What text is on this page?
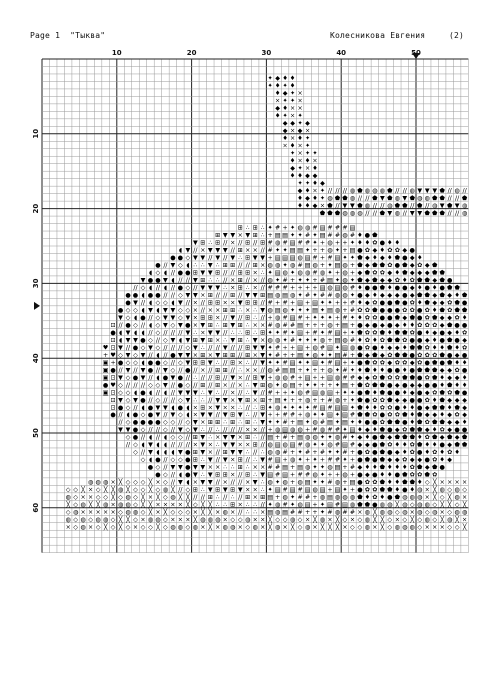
Page 1 "Тыква"	Колесникова Евгения	(2)
10	20	30	40
10
20
30
40
50
60
✦ ◆ ♦ ♦
✦ ♦ ✦ ♦
♦ ◆ ✦ ×
× ✦ ✦ ×
◆ ♦ × ×
♦ ✦ × ✦
◆ ◆ ✦ ◆
◆ × ◆ ×
♦ × ♦ ✦
× ♦ × ✦
✦ × ✦ ✦
♦ × ♦ ×
◆ ✦ × ♦
♦ ♦ ◆ ◆
✦ ✦ ♦ ◆
◆ ♦ × ✦ // // // ◍ ⬟ ◍ ◍ ◍ ⬟ // // ◍ ▼ ▼ ▼ ⬟ // ◍ //
♦ ◆ ♦ ✦ ◍ ⬟ ⬟ ◍ // // ⬟ ▼ ⬟ ◍ ▼ ⬟ ◍ ◍ ⬟ ⬟ // // ⬟
♦ ♦ ◆ × ⬟ // ▼ ▼ ⬟ ◍ // // ◍ ⬟ ⬟ // ⬟ // ◍ ▼ ⬟ ▼ ◍
⬟ ⬟ ⬟ ◍ ◍ ◍ // // ⬟ ▼ ◍ // ▼ ▼ ⬟ ⬟ ⬟ // // ◍
⊞ ∴ ⊞ ∴ ✦ # + ✦ ◍ ◍ # ▤ # # # ▤
⊞ ▼ ▼ × ▼ ⊞ ∴ + ▤ ▤ ✦ ✦ # ✦ ▤ # # ◍ # ♦ ● ⬟
▼ ⊞ ∴ ⊞ // × // ⊞ // ⊞ # ◍ # ▤ # # ✦ + ◍ + + ✦ ♦ ♦ ✿ ● ♦ ♦
◖ ▼ // × ▼ ▼ ▼ // ⊞ × × // # ✦ ✦ ▤ ▤ ✦ + + ◍ ✦ + ▤ ● ✿ ◆ ♦ ✿ ✿ ◆ ●
● ● ◇ ▼ ▼ // ▼ // ▼ ∴ ⊞ ▼ ▼ + ▤ ▤ ▤ ◍ ▤ # + # ▤ ✦ ✦ ⬟ ◆ ♦ ◆ ♦ ⬟ ● ◆ ♦
● // ▼ ◇ ◖ ∴ ∴ ▼ ∴ ⊞ ⊞ // // ⊞ × ◍ ◍ ✦ ◍ # ▤ ◍ + ✦ ▤ ◍ + ⬟ ◆ ⬟ ⬟ ✿ ● ⬟ ◆ ✿ ◆ ⬟
◖ ◇ ◖ // ● ● ⊞ ▼ ▼ ⊞ // // ⊞ ⊞ × ∴ ✦ ▤ ◍ ✦ ◍ ◍ # ◍ ✦ + ◍ + ◆ ⬟ ✿ ✿ ◆ ♦ ⬟ ◆ ◆ ◆ ⬟ ⬟
▼ ● ● ▼ ◖ // // ▼ ⊞ ∴ ∴ // × ⊞ // × // ◍ ✦ # + ✦ ✦ + # ▤ ✦ ◍ ✦ ⬟ ◆ ⬟ ◆ ◆ ✿ ♦ ✿ ⬟ ⬟ ◆ ⬟ ●
// ◇ ◖ // ◖ // ● ◇ // ▼ ▼ ▼ ∴ × ⊞ ∴ × // # # # + + + + ▤ ◍ ▤ ◍ # ♦ ● ● ⬟ ♦ ● ● ◆ ♦ ● ♦ ● ⬟ ⬟
● ● ◖ ● ● // // ◇ ▼ ▼ × ⊞ // // ⊞ // ▼ ▼ ⊞ ▤ ◍ ▤ ◍ ✦ # ✦ # # ◍ ◍ ✦ ● ◆ ♦ ◆ ◆ ◆ ● ◆ ⬟ ⬟ ◆ ⬟ ◆ ♦ ⬟
● ▼ // ◖ ◇ ◇ ◖ ▼ // × // ⊞ ⊞ × × ▼ ⊞ ⊞ // # + # + ▤ + ▤ ✦ ✦ + + # ♦ ◆ ✿ ● ● ⬟ ● ✿ ♦ ⬟ ◆ ◆ ✿ ⬟ ●
● ◇ ◇ ◖ ▼ ◖ ▼ ▼ ◇ ◇ × // × × ⊞ ⊞ ∴ × ∴ ▼ ◍ ▤ ◍ ✦ ✦ ✦ ▤ ✦ ▤ ◍ + # ✿ ✿ ⬟ ● ● ● ✿ ✿ ● ✿ ♦ ⬟ ✿ ⬟ ⬟
▼ ◇ ◖ ● // ◇ ▼ ▼ ◇ ▼ × ⊞ ⊞ × // ▼ // ⊞ ∴ // + ◍ # ▤ # + ✦ ✦ ✦ + # ✦ ♦ ✿ ✿ ● ● ⬟ ◆ ⬟ ● ✿ ⬟ ◆ ◆ ✿ ♦
⊡ // ● ◇ // ◖ ◇ ▼ ◇ ▼ ● × ▼ ⊞ ∴ ⊞ ▼ ⊞ ∴ × × # ◍ # # ▤ + + + ◍ + ▤ + ● ◆ ● ◆ ● ◆ ♦ ♦ ✿ ✿ ✿ ◆ ⬟ ● ●
● ◖ ▼ ◖ ◖ // ◇ // // // ▼ ∴ × ▼ ▼ // ∴ ∴ ⊞ ∴ ⊞ ✦ ✦ # ✦ ▤ + # ✦ # ▤ + ✦ ⬟ ✿ ✿ ⬟ ♦ ⬟ ⬟ ✿ ● ♦ ◆ ● ◆ ♦ ✿
⊡ ◖ ▼ ▼ ● ◇ // ◇ ▼ ◖ ▼ ⊞ ▼ ⊞ × ∴ ▼ ⊞ ∴ ▼ × ◍ ◍ ✦ # ✦ ✦ ✦ ◍ + ▤ ◍ # ♦ ✿ ♦ ✿ ⬟ ⬟ ✿ ● ● ◆ ♦ ● ⬟ ● ◆
♥ ⊡ ▼ // ● ◇ ▼ ◇ // // // ◇ ▼ ∴ // // ▼ // // ⊞ ▼ ▼ ✦ # + + ▤ + ◍ # ▤ ✦ ▤ ◍ ● ✿ ● ♦ ◆ ◆ ♦ ⬟ ⬟ ✿ ♦ ♦ ⬟ ♦ ✿
+ ♥ ◇ ▼ ◇ ▼ // ◖ // ● ▼ ▼ × ⊞ × ▼ ⊞ ⊞ // ⊞ × ▼ ✦ # + + ▤ ✦ ◍ ✦ ✦ ▤ # + ⬟ ◆ ⬟ ◆ ✿ ⬟ ⬟ ● ✿ ✿ ✿ ⬟ ● ◆ ●
▣ + ● ◇ ◇ ◖ ● ● ◇ // ◇ ▼ ⊞ ⊞ ▼ ∴ // ⊞ × ∴ // ▼ ✦ ✦ # ▤ ✦ ✦ ▤ ✦ # ▤ + ✦ ● ⬟ ✿ ✿ ◆ ✿ ✿ ◆ ✿ ● ⬟ ● ⬟ ♦ ♦
▣ ● // ▼ // ▼ ● // ▼ ◇ // ● // × // ⊞ ⊞ // ∴ × × // ◍ # ▤ ▤ + ✦ + + ◍ ✦ # ✦ ♦ ⬟ ♦ ♦ ● ● ♦ ● ⬟ ⬟ ⬟ ◆ ◆ ✿ ●
▣ ⊡ ▼ ◇ ● ▼ // ◖ ● ▼ ● // ∴ // // ⊞ // ▼ × // ⊞ ▼ + ◍ ◍ # + ▤ + + ▤ ◍ # # ◆ ◆ ✿ ⬟ ✿ ✿ ⬟ ⬟ ● ✿ ⬟ ♦ ◆ ◆ ♦
● ♥ ◇ // // // ◇ ◇ ▼ // ● ◇ // ⊞ // ⊞ × // × ∴ ▼ ⊞ ◍ ✦ ◍ ▤ + ✦ ✦ + + ✦ ▤ + ⬟ ✿ ⬟ ⬟ ● ◆ ● ◆ ◆ ● ● ♦ ⬟ ♦ ♦
▣ ⊡ ◇ ◇ ◖ ● ◖ // ◖ // ▼ ▼ ▼ ∴ ▼ ∴ // × // ∴ ▼ // # + + ✦ ◍ # ▤ ◍ ▤ + ✦ ✦ ● ⬟ ♦ ⬟ ● ● ♦ ◆ ● ◆ ✿ ⬟ ✿ ⬟ ●
⊡ ▼ ◇ ▼ ● // ◇ // // ◇ ▼ ∴ ∴ // ▼ ▼ × ▼ ⊞ × ⊞ + ▤ ✦ + + ◍ + + # ◍ + ✦ ⬟ ● ✿ ✿ ⬟ ◆ ◆ ● ● ✿ ♦ ⬟ ◆ ◆ ◆
⊡ ● ◇ // ◖ ● ▼ ▼ ◖ ● ◖ × ⊞ × ▼ × × ∴ // ∴ ⊞ ✦ ◍ ✦ ✦ ✦ ✦ # ▤ # ▤ ▤ ✦ ⬟ ♦ ♦ ✿ ✿ ● ♦ ♦ ● ◆ ⬟ ⬟ ♦ ⬟ ◆
● // ◖ ● ◇ ● ▼ // ▼ ◇ ◖ × ▼ ▼ // ▼ ⊞ ▼ ∴ // ▼ + + # # + ◍ ✦ ✦ ▤ ✦ ▤ # ⬟ ⬟ ✿ ● ✿ ✿ ⬟ ♦ ⬟ ◆ ◆ ♦ ◆ ✿ ◆
// ◇ ● ● ● ● ◇ ◇ // ◇ ▼ × ⊞ ⊞ ∴ ⊞ ∴ ⊞ ∴ ▼ ✦ ✦ # + ▤ ✦ ◍ # ▤ ✦ ▤ ✦ ♦ ● ● ✿ ⬟ ⬟ ● ♦ ⬟ ✿ ⬟ ⬟ ◆ ◆ ♦
▼ ▼ ● ◇ // // ◇ // ▼ ◇ ▼ ∴ // ∴ // // // × × // + ◍ ▤ ◍ ◍ + # ◍ # # ✦ ▤ ♦ ◆ ♦ ⬟ ● ◆ ✿ ⬟ ⬟ ◆ ♦ ✿ ◆ ● ●
◇ ● // ◖ // ◖ ◇ ◇ // ⊞ ▼ ∴ × ▼ ▼ × ⊞ ∴ // ▤ + # + ▤ ◍ ◍ ✦ ✦ ◍ # ✦ ◆ ♦ ● ⬟ ◆ ⬟ ⬟ ⬟ ♦ ✿ ⬟ ◆ ⬟ ◆ ⬟
// ◇ ◖ ▼ ◖ ◖ // // // × ▼ × ∴ ▼ ▼ × × ⊞ // ◍ ▤ ◍ ▤ # ◍ ✦ ✦ ◍ # ▤ # ◆ ◆ ● ⬟ ✿ ♦ ♦ ✿ ⬟ ♦ ♦ ● ◆ ⬟ ⬟
◇ // ▼ ◖ ◖ ◖ ▼ ● ⊞ ▼ × // ⊞ ▼ ▼ ∴ // ∴ ◍ ◍ # + ✦ # + # ✦ ✦ # + ● ✿ ● ⬟ ● ◆ ♦ ✿ ● ♦ ✿ ♦ ✿ ♦
◇ ◖ ● // ◇ ◇ ● ⊞ ∴ ▼ // ▼ × ⊞ // ∴ ▼ # ▤ + ◍ ✦ + ✦ + # # ✦ + ● ⬟ ● ⬟ ◆ ◆ ✿ ◆ ◆ ● ✿ ♦ ◆
● ◇ // ▼ ▼ ● ▼ ▼ × × ∴ ∴ ⊞ ∴ × × # # ▤ + ▤ ◍ ✦ ✦ ◍ ▤ + # ◆ ♦ ♦ ⬟ ♦ ♦ ♦ ✿ ⬟ ◆ ⬟ ●
● ◇ // ◖ ● ▼ ∴ ▼ ⊞ ⊞ × // ⊞ ∴ ▼ ▤ # ▤ + # # ◍ ✦ + + ◍ + ● ◆ ● ♦ ♦ ● ⬟ ✿ ✿ ⬟ ✿
◍ ◍ ◍ × ╳ ◇ ◇ ◇ ╳ × ◇ // ▼ ◖ × ▼ ▼ // × // // × ▼ ∴ ◍ ✦ ◍ + ◍ ▤ ✦ ✦ # ◍ + ▤ ● ✿ ✿ ⬟ ♦ ♦ ⬟ ⬟ ♦ ◇ ╳ × × × ×
◇ ◇ ╳ × ◇ ╳ ╳ ◍ ╳ ◇ ◇ ╳ ◇ ◍ ╳ // ◇ ⊞ ∴ ▼ ⊞ ▼ ⊞ ▼ × × ∴ ✦ ▤ # ▤ # ▤ ◍ ▤ + ▤ ✦ + ● ✿ ✿ ⬟ ⬟ ♦ ● ♦ ◍ × ╳ ◍ ◇ ◍ ◇
◍ ◇ × × ◇ ◇ ╳ ◇ ◍ ◇ ╳ × ╳ ◇ ◍ ╳ ╳ // // ⊞ ∴ // ∴ // ⊞ × ⊞ ▤ + ◍ ✦ # # + ◍ ▤ ◍ ◍ ◍ ⬟ ♦ ✿ ♦ ● ⬟ ◍ ◍ ◍ × ╳ ◇ ╳ ◍ ×
╳ ◇ ◍ ╳ ╳ ◍ × ◍ ◍ ◇ ╳ ╳ × × × × ╳ ◇ ╳ ╳ ∴ ∴ ⊞ × ∴ ∴ // ✦ ◍ # ✦ ◍ ▤ + ✦ ▤ # ▤ ◍ ⬟ ⬟ ● ◍ ◍ ╳ ◍ ◇ ◍ ◍ ◇ ╳ ╳ ◇ ╳
◇ ◍ × × × × × ◇ ◍ ◍ ◇ ╳ × ╳ ◇ ◇ ◇ × ╳ ╳ × ◍ × // ∴ ∴ × ▤ ◍ ▤ # # + + ✦ # ◍ # # × ◍ ╳ ◍ ◍ ◇ ◍ × ◍ ◇ ◍ × ◇ ◍ ◍
◍ ◇ ◍ ◇ ◍ ◍ ◇ ╳ ╳ ◇ × ◍ ◍ ◇ × × × ╳ ◍ ◍ ◍ × ◇ ◇ ◍ × × ╳ ◇ ◇ ◍ ◇ × ╳ ◍ × ╳ ◇ × ◇ ◍ ╳ ╳ ◇ × ◇ ╳ ◇ ◍ ◇ ╳ ◍ ╳ ×
× ◇ ◍ × ◇ ╳ ◇ ╳ ◇ × ◇ ◇ ╳ ◇ ◍ ◍ ◇ ◍ × ╳ × ◍ ◍ × ◇ ◍ × ╳ ◍ × ╳ ◇ ◍ × ╳ ╳ ╳ × ◇ ◇ ◍ × ╳ ◇ ◍ ◍ ◍ ◇ × × × ◇ ◇ ╳
